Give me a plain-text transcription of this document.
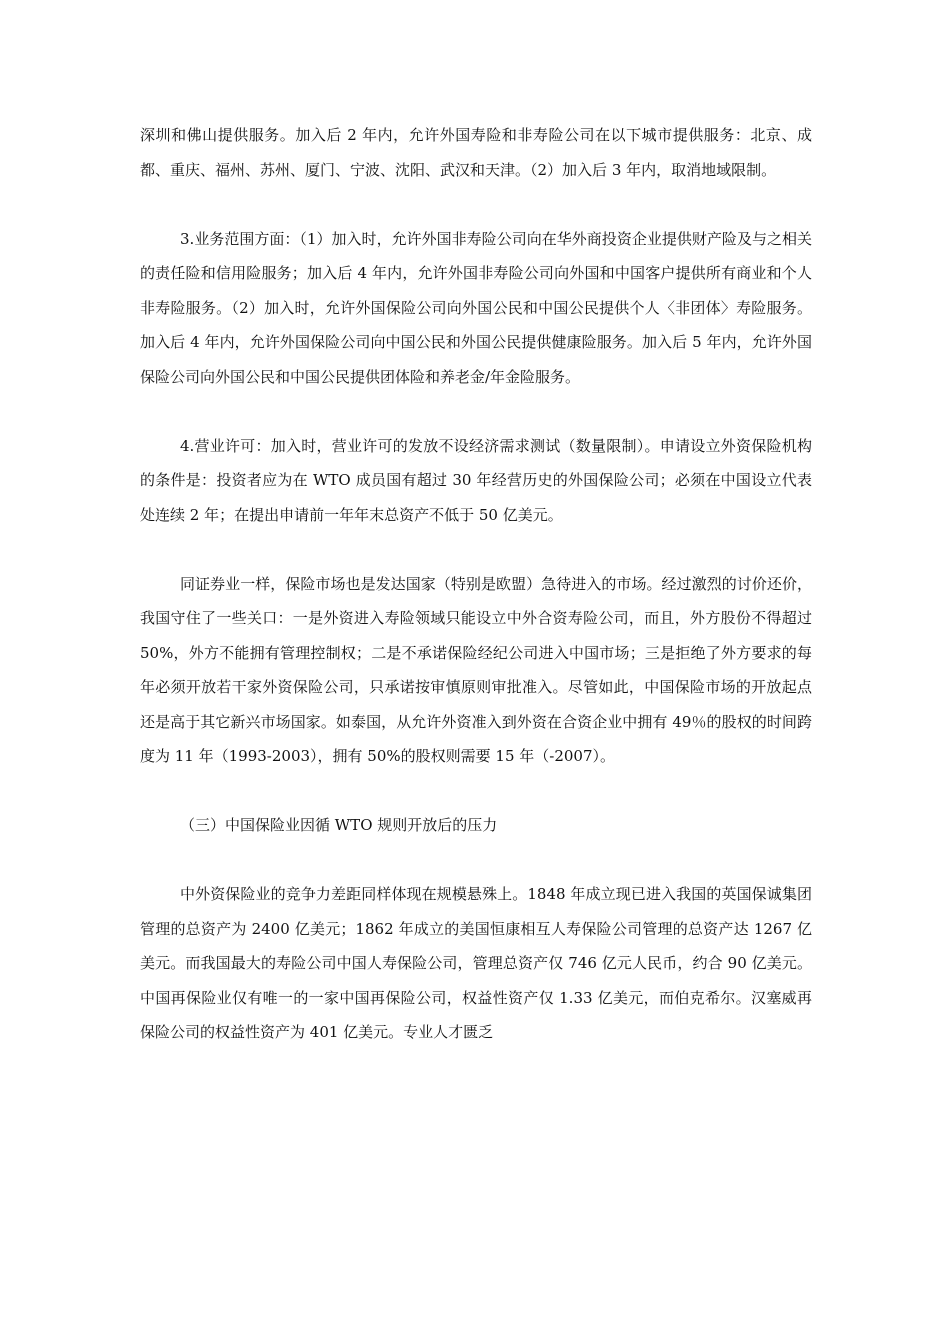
深圳和佛山提供服务。加入后 2 年内，允许外国寿险和非寿险公司在以下城市提供服务：北京、成都、重庆、福州、苏州、厦门、宁波、沈阳、武汉和天津。（2）加入后 3 年内，取消地域限制。

3.业务范围方面：（1）加入时，允许外国非寿险公司向在华外商投资企业提供财产险及与之相关的责任险和信用险服务；加入后 4 年内，允许外国非寿险公司向外国和中国客户提供所有商业和个人非寿险服务。（2）加入时，允许外国保险公司向外国公民和中国公民提供个人〈非团体〉寿险服务。加入后 4 年内，允许外国保险公司向中国公民和外国公民提供健康险服务。加入后 5 年内，允许外国保险公司向外国公民和中国公民提供团体险和养老金/年金险服务。

4.营业许可：加入时，营业许可的发放不设经济需求测试（数量限制）。申请设立外资保险机构的条件是：投资者应为在 WTO 成员国有超过 30 年经营历史的外国保险公司；必须在中国设立代表处连续 2 年；在提出申请前一年年末总资产不低于 50 亿美元。

同证券业一样，保险市场也是发达国家（特别是欧盟）急待进入的市场。经过激烈的讨价还价，我国守住了一些关口：一是外资进入寿险领域只能设立中外合资寿险公司，而且，外方股份不得超过 50%，外方不能拥有管理控制权；二是不承诺保险经纪公司进入中国市场；三是拒绝了外方要求的每年必须开放若干家外资保险公司，只承诺按审慎原则审批准入。尽管如此，中国保险市场的开放起点还是高于其它新兴市场国家。如泰国，从允许外资准入到外资在合资企业中拥有 49％的股权的时间跨度为 11 年（1993-2003），拥有 50%的股权则需要 15 年（-2007）。

（三）中国保险业因循 WTO 规则开放后的压力

中外资保险业的竞争力差距同样体现在规模悬殊上。1848 年成立现已进入我国的英国保诚集团管理的总资产为 2400 亿美元；1862 年成立的美国恒康相互人寿保险公司管理的总资产达 1267 亿美元。而我国最大的寿险公司中国人寿保险公司，管理总资产仅 746 亿元人民币，约合 90 亿美元。中国再保险业仅有唯一的一家中国再保险公司，权益性资产仅 1.33 亿美元，而伯克希尔。汉塞威再保险公司的权益性资产为 401 亿美元。专业人才匮乏
